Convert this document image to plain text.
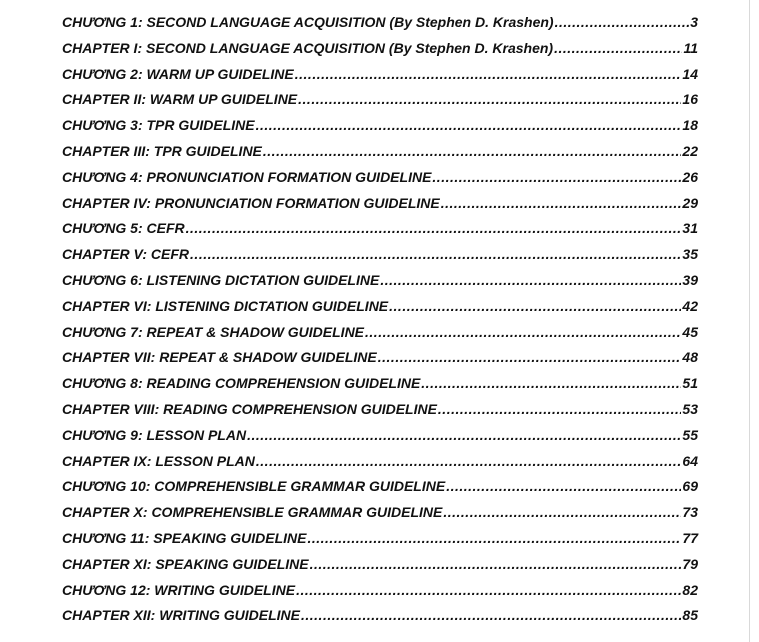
CHƯƠNG 1: SECOND LANGUAGE ACQUISITION (By Stephen D. Krashen) .....	3
CHAPTER I: SECOND LANGUAGE ACQUISITION (By Stephen D. Krashen) .....	11
CHƯƠNG 2: WARM UP GUIDELINE .....	14
CHAPTER II: WARM UP GUIDELINE .....	16
CHƯƠNG 3: TPR GUIDELINE .....	18
CHAPTER III: TPR GUIDELINE .....	22
CHƯƠNG 4: PRONUNCIATION FORMATION GUIDELINE .....	26
CHAPTER IV: PRONUNCIATION FORMATION GUIDELINE .....	29
CHƯƠNG 5: CEFR .....	31
CHAPTER V: CEFR .....	35
CHƯƠNG 6: LISTENING DICTATION GUIDELINE .....	39
CHAPTER VI: LISTENING DICTATION GUIDELINE .....	42
CHƯƠNG 7: REPEAT & SHADOW GUIDELINE .....	45
CHAPTER VII: REPEAT & SHADOW GUIDELINE .....	48
CHƯƠNG 8: READING COMPREHENSION GUIDELINE .....	51
CHAPTER VIII: READING COMPREHENSION GUIDELINE .....	53
CHƯƠNG 9: LESSON PLAN .....	55
CHAPTER IX: LESSON PLAN .....	64
CHƯƠNG 10: COMPREHENSIBLE GRAMMAR GUIDELINE .....	69
CHAPTER X: COMPREHENSIBLE GRAMMAR GUIDELINE .....	73
CHƯƠNG 11: SPEAKING GUIDELINE .....	77
CHAPTER XI: SPEAKING GUIDELINE .....	79
CHƯƠNG 12: WRITING GUIDELINE .....	82
CHAPTER XII: WRITING GUIDELINE .....	85
